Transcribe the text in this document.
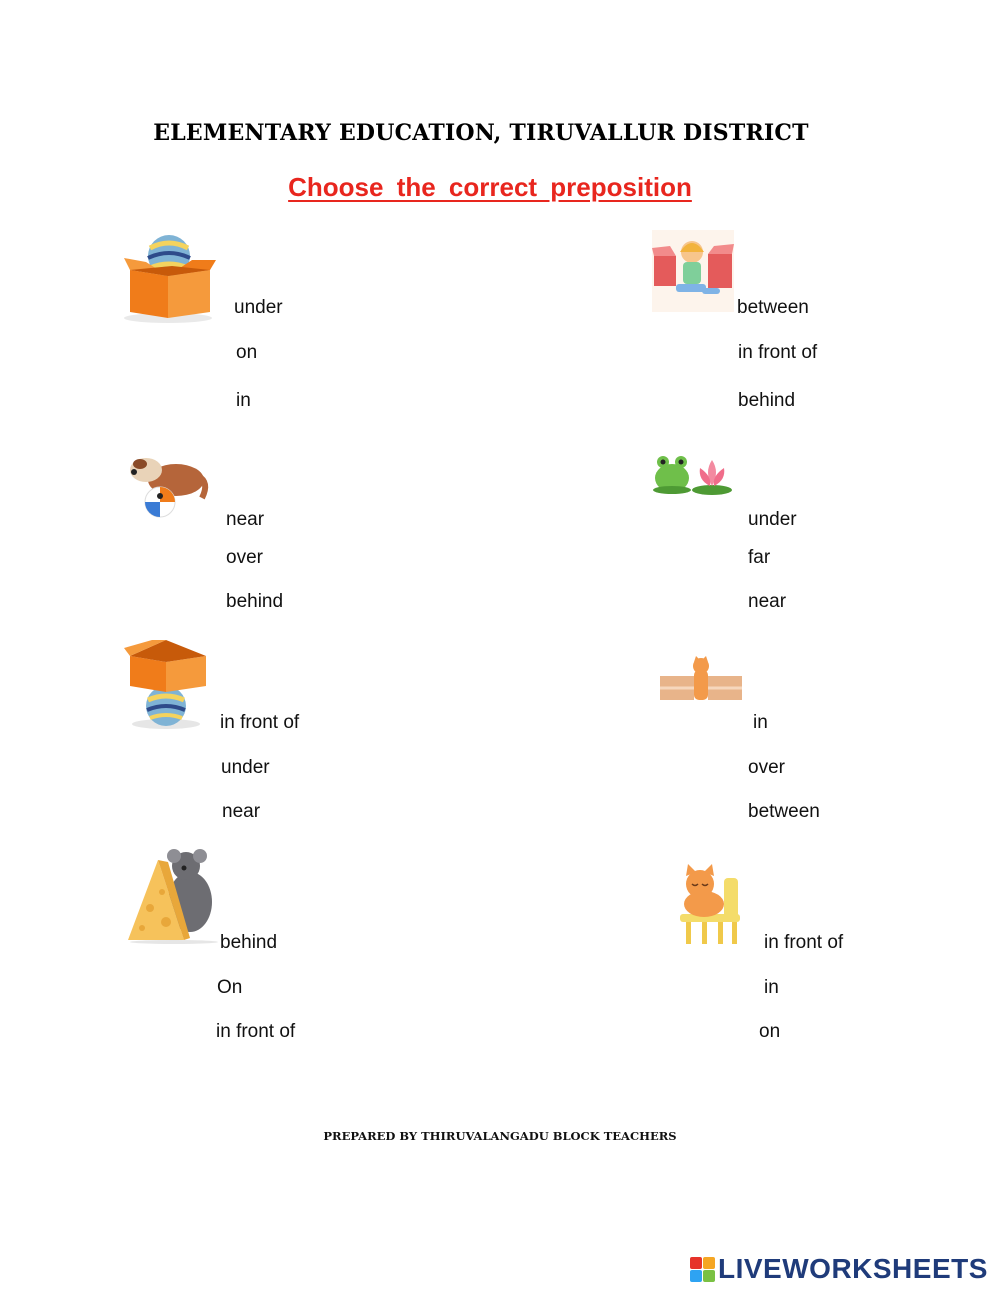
ELEMENTARY EDUCATION, TIRUVALLUR DISTRICT
Choose the correct preposition
under
on
in
between
in front of
behind
near
over
behind
under
far
near
in front of
under
near
in
over
between
behind
On
in front of
in front of
in
on
PREPARED BY THIRUVALANGADU BLOCK TEACHERS
LIVEWORKSHEETS
